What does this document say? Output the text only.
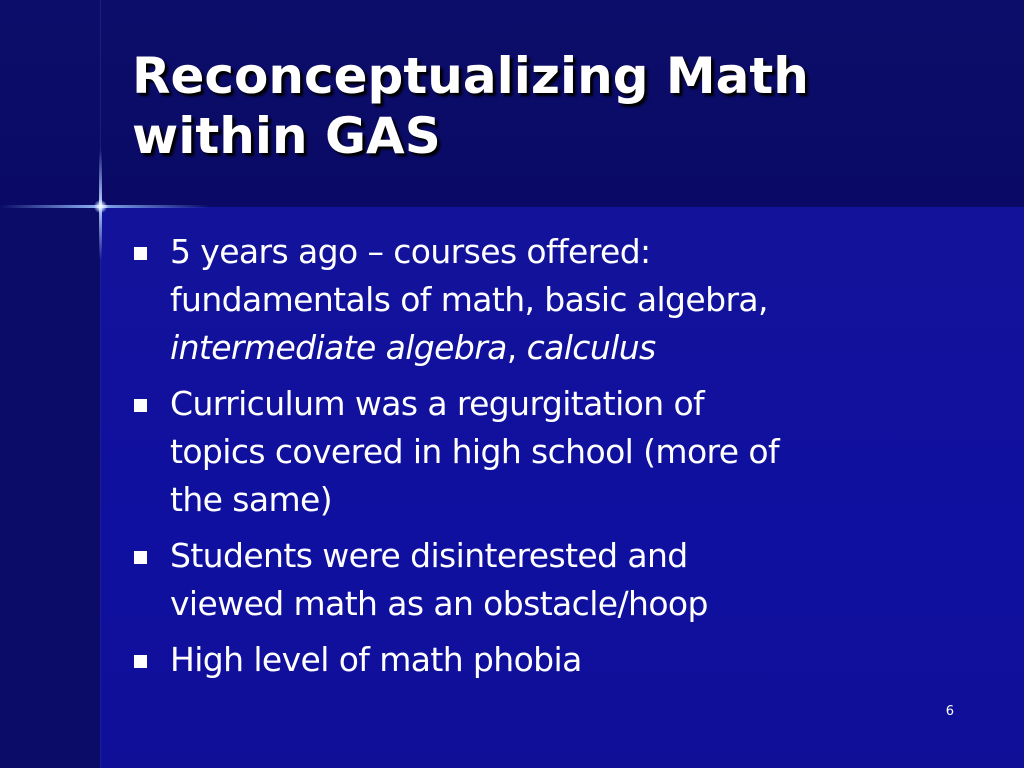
Reconceptualizing Math
within GAS
5 years ago – courses offered:
fundamentals of math, basic algebra,
intermediate algebra, calculus
Curriculum was a regurgitation of
topics covered in high school (more of
the same)
Students were disinterested and
viewed math as an obstacle/hoop
High level of math phobia
6
